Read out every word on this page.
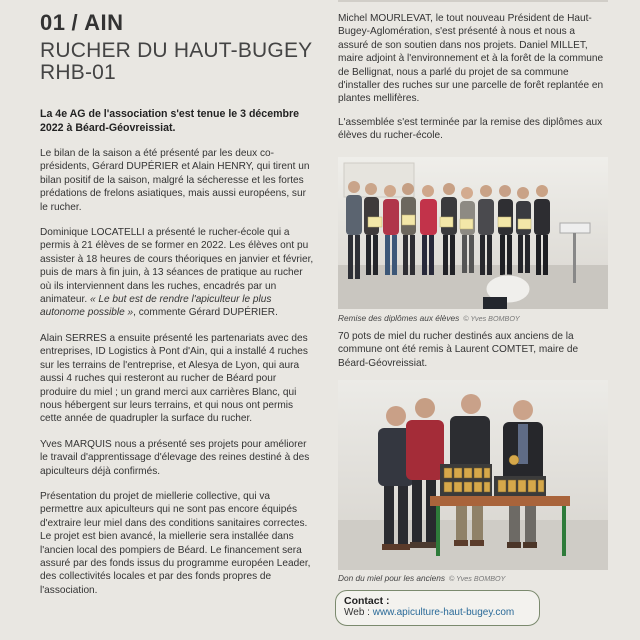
01 / AIN
RUCHER DU HAUT-BUGEY
RHB-01
La 4e AG de l'association s'est tenue le 3 décembre 2022 à Béard-Géovreissiat.

Le bilan de la saison a été présenté par les deux co-présidents, Gérard DUPÉRIER et Alain HENRY, qui tirent un bilan positif de la saison, malgré la sécheresse et les fortes prédations de frelons asiatiques, mais aussi européens, sur le rucher.

Dominique LOCATELLI a présenté le rucher-école qui a permis à 21 élèves de se former en 2022. Les élèves ont pu assister à 18 heures de cours théoriques en janvier et février, puis de mars à fin juin, à 13 séances de pratique au rucher où ils interviennent dans les ruches, encadrés par un animateur. « Le but est de rendre l'apiculteur le plus autonome possible », commente Gérard DUPÉRIER.

Alain SERRES a ensuite présenté les partenariats avec des entreprises, ID Logistics à Pont d'Ain, qui a installé 4 ruches sur les terrains de l'entreprise, et Alesya de Lyon, qui aura aussi 4 ruches qui resteront au rucher de Béard pour produire du miel ; un grand merci aux carrières Blanc, qui nous hébergent sur leurs terrains, et qui nous ont permis cette année de quadrupler la surface du rucher.

Yves MARQUIS nous a présenté ses projets pour améliorer le travail d'apprentissage d'élevage des reines destiné à des apiculteurs déjà confirmés.

Présentation du projet de miellerie collective, qui va permettre aux apiculteurs qui ne sont pas encore équipés d'extraire leur miel dans des conditions sanitaires correctes. Le projet est bien avancé, la miellerie sera installée dans l'ancien local des pompiers de Béard. Le financement sera assuré par des fonds issus du programme européen Leader, des collectivités locales et par des fonds propres de l'association.

Michel MOURLEVAT, le tout nouveau Président de Haut-Bugey-Aglomération, s'est présenté à nous et nous a assuré de son soutien dans nos projets. Daniel MILLET, maire adjoint à l'environnement et à la forêt de la commune de Bellignat, nous a parlé du projet de sa commune d'installer des ruches sur une parcelle de forêt replantée en plantes mellifères.

L'assemblée s'est terminée par la remise des diplômes aux élèves du rucher-école.

Remise des diplômes aux élèves © Yves BOMBOY
70 pots de miel du rucher destinés aux anciens de la commune ont été remis à Laurent COMTET, maire de Béard-Géovreissiat.
Don du miel pour les anciens © Yves BOMBOY
Contact :
Web : www.apiculture-haut-bugey.com
